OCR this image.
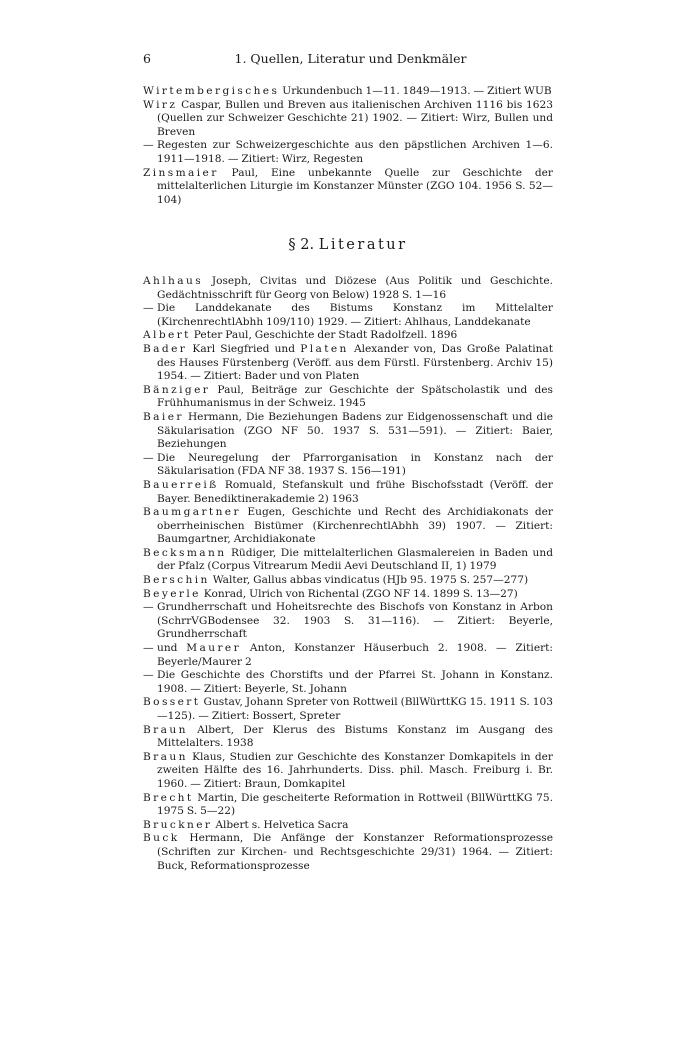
6	1. Quellen, Literatur und Denkmäler

Wirtembergisches Urkundenbuch 1—11. 1849—1913. — Zitiert WUB

Wirz Caspar, Bullen und Breven aus italienischen Archiven 1116 bis 1623 (Quellen zur Schweizer Geschichte 21) 1902. — Zitiert: Wirz, Bullen und Breven

— Regesten zur Schweizergeschichte aus den päpstlichen Archiven 1—6. 1911—1918. — Zitiert: Wirz, Regesten

Zinsmaier Paul, Eine unbekannte Quelle zur Geschichte der mittelalterlichen Liturgie im Konstanzer Münster (ZGO 104. 1956 S. 52—104)

§ 2. Literatur

Ahlhaus Joseph, Civitas und Diözese (Aus Politik und Geschichte. Gedächtnisschrift für Georg von Below) 1928 S. 1—16

— Die Landdekanate des Bistums Konstanz im Mittelalter (KirchenrechtlAbhh 109/110) 1929. — Zitiert: Ahlhaus, Landdekanate

Albert Peter Paul, Geschichte der Stadt Radolfzell. 1896

Bader Karl Siegfried und Platen Alexander von, Das Große Palatinat des Hauses Fürstenberg (Veröff. aus dem Fürstl. Fürstenberg. Archiv 15) 1954. — Zitiert: Bader und von Platen

Bänziger Paul, Beiträge zur Geschichte der Spätscholastik und des Frühhumanismus in der Schweiz. 1945

Baier Hermann, Die Beziehungen Badens zur Eidgenossenschaft und die Säkularisation (ZGO NF 50. 1937 S. 531—591). — Zitiert: Baier, Beziehungen

— Die Neuregelung der Pfarrorganisation in Konstanz nach der Säkularisation (FDA NF 38. 1937 S. 156—191)

Bauerreiß Romuald, Stefanskult und frühe Bischofsstadt (Veröff. der Bayer. Benediktinerakademie 2) 1963

Baumgartner Eugen, Geschichte und Recht des Archidiakonats der oberrheinischen Bistümer (KirchenrechtlAbhh 39) 1907. — Zitiert: Baumgartner, Archidiakonate

Becksmann Rüdiger, Die mittelalterlichen Glasmalereien in Baden und der Pfalz (Corpus Vitrearum Medii Aevi Deutschland II, 1) 1979

Berschin Walter, Gallus abbas vindicatus (HJb 95. 1975 S. 257—277)

Beyerle Konrad, Ulrich von Richental (ZGO NF 14. 1899 S. 13—27)

— Grundherrschaft und Hoheitsrechte des Bischofs von Konstanz in Arbon (SchrrVGBodensee 32. 1903 S. 31—116). — Zitiert: Beyerle, Grundherrschaft

— und Maurer Anton, Konstanzer Häuserbuch 2. 1908. — Zitiert: Beyerle/Maurer 2

— Die Geschichte des Chorstifts und der Pfarrei St. Johann in Konstanz. 1908. — Zitiert: Beyerle, St. Johann

Bossert Gustav, Johann Spreter von Rottweil (BllWürttKG 15. 1911 S. 103—125). — Zitiert: Bossert, Spreter

Braun Albert, Der Klerus des Bistums Konstanz im Ausgang des Mittelalters. 1938

Braun Klaus, Studien zur Geschichte des Konstanzer Domkapitels in der zweiten Hälfte des 16. Jahrhunderts. Diss. phil. Masch. Freiburg i. Br. 1960. — Zitiert: Braun, Domkapitel

Brecht Martin, Die gescheiterte Reformation in Rottweil (BllWürttKG 75. 1975 S. 5—22)

Bruckner Albert s. Helvetica Sacra

Buck Hermann, Die Anfänge der Konstanzer Reformationsprozesse (Schriften zur Kirchen- und Rechtsgeschichte 29/31) 1964. — Zitiert: Buck, Reformationsprozesse
